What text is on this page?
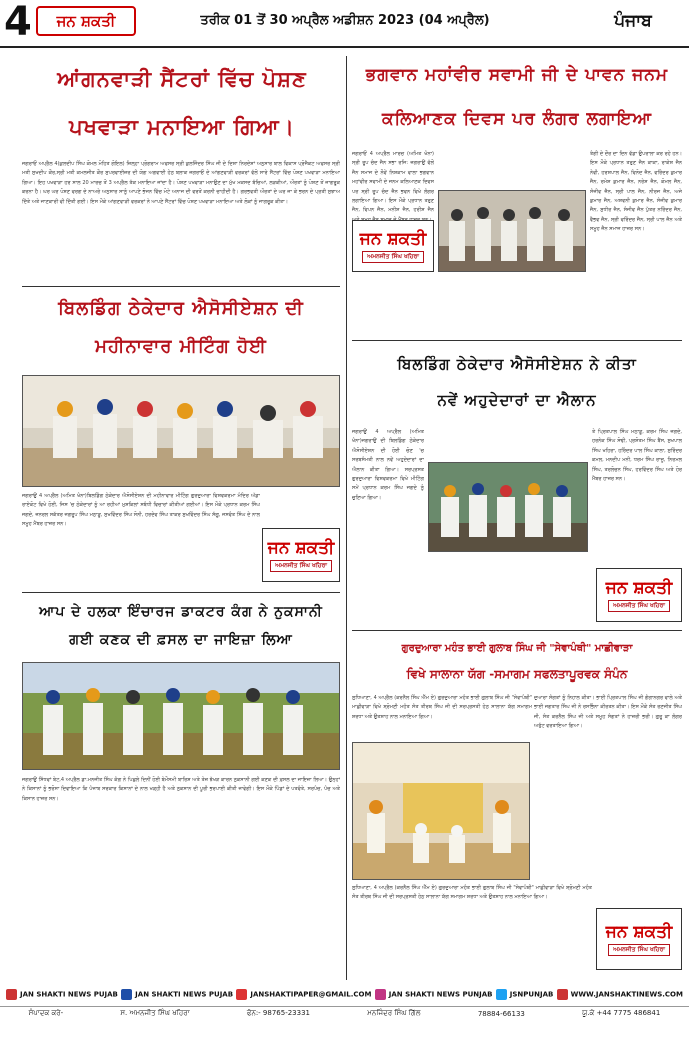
4 ਜਨ ਸ਼ਕਤੀ	ਤਰੀਕ 01 ਤੋਂ 30 ਅਪ੍ਰੈਲ ਅਡੀਸ਼ਨ 2023 (04 ਅਪ੍ਰੈਲ)	ਪੰਜਾਬ
ਆਂਗਨਵਾੜੀ ਸੈਂਟਰਾਂ ਵਿੱਚ ਪੋਸ਼ਣ
ਪਖਵਾੜਾ ਮਨਾਇਆ ਗਿਆ।
ਜਗਰਾਓਂ ਅਪ੍ਰੈਲ 4(ਕੁਲਦੀਪ ਸਿੰਘ ਕੋਮਲ ਮੋਹਿਤ ਗੋਇਲ) ਜ਼ਿਲ੍ਹਾ ਪ੍ਰੋਗਰਾਮ ਅਫਸਰ ਸ੍ਰੀ ਕੁਲਜਿੰਦਰ ਸਿੰਘ ਜੀ ਦੇ ਦਿਸ਼ਾ ਨਿਰਦੇਸ਼ਾਂ ਅਨੁਸਾਰ ਬਾਲ ਵਿਕਾਸ ਪ੍ਰੋਜੈਕਟ ਅਫਸਰ ਸ੍ਰੀ ਮਤੀ ਸੁਖਦੀਪ ਕੌਰ,ਸ੍ਰੀ ਮਤੀ ਕਮਲਜੀਤ ਕੌਰ ਸੁਪਰਵਾਈਜ਼ਰ ਦੀ ਯੋਗ ਅਗਵਾਈ ਹੇਠ ਬਲਾਕ ਜਗਰਾਓਂ ਦੇ ਆਂਗਣਵਾੜੀ ਵਰਕਰਾਂ ਵੱਲੋਂ ਸਾਰੇ ਸੈਂਟਰਾਂ ਵਿੱਚ ਪੋਸ਼ਣ ਪਖਵਾੜਾ ਮਨਾਇਆ ਗਿਆ। ਇਹ ਪਖਵਾੜਾ ਹਰ ਸਾਲ 20 ਮਾਰਚ ਤੋਂ 3 ਅਪ੍ਰੈਲ ਤੱਕ ਮਨਾਇਆ ਜਾਂਦਾ ਹੈ। ਪੋਸ਼ਣ ਪਖਵਾੜਾ ਮਨਾਉਣ ਦਾ ਮੁੱਖ ਮਕਸਦ ਬੱਚਿਆਂ, ਲੜਕੀਆਂ, ਔਰਤਾਂ ਨੂੰ ਪੋਸ਼ਣ ਤੋਂ ਜਾਗਰੂਕ ਕਰਨਾ ਹੈ। ਘਰ ਘਰ ਪੋਸ਼ਣ ਵਰਗ ਦੇ ਨਾਅਰੇ ਅਨੁਸਾਰ ਸਾਨੂੰ ਆਪਣੇ ਭੋਜਨ ਵਿੱਚ ਮੋਟੇ ਅਨਾਜ ਦੀ ਵਰਤੋਂ ਕਰਨੀ ਚਾਹੀਦੀ ਹੈ। ਗਰਭਵਤੀ ਔਰਤਾਂ ਦੇ ਘਰ ਜਾ ਕੇ ਭਰਨ ਦੇ ਪ੍ਰਤੀ ਸੁਝਾਅ ਦਿੱਤੇ ਅਤੇ ਜਾਣਕਾਰੀ ਵੀ ਦਿੱਤੀ ਗਈ। ਇਸ ਮੌਕੇ ਆਂਗਣਵਾੜੀ ਵਰਕਰਾਂ ਨੇ ਆਪਣੇ ਸੈਂਟਰਾਂ ਵਿੱਚ ਪੋਸ਼ਣ ਪਖਵਾੜਾ ਮਨਾਇਆ ਅਤੇ ਲੋਕਾਂ ਨੂੰ ਜਾਗਰੂਕ ਕੀਤਾ।
ਬਿਲਡਿੰਗ ਠੇਕੇਦਾਰ ਐਸੋਸੀਏਸ਼ਨ ਦੀ
ਮਹੀਨਾਵਾਰ ਮੀਟਿੰਗ ਹੋਈ
ਜਗਰਾਉਂ 4 ਅਪ੍ਰੈਲ (ਅਮਿਤ ਖੰਨਾ)ਬਿਲਡਿੰਗ ਠੇਕੇਦਾਰ ਐਸੋਸੀਏਸ਼ਨ ਦੀ ਮਹੀਨਾਵਾਰ ਮੀਟਿੰਗ ਗੁਰਦੁਆਰਾ ਵਿਸ਼ਵਕਰਮਾ ਮੰਦਿਰ ਅੱਡਾ ਰਾਏਕੋਟ ਵਿਖੇ ਹੋਈ, ਜਿਸ 'ਚ ਠੇਕੇਦਾਰਾਂ ਨੂੰ ਆ ਰਹੀਆਂ ਮੁਸ਼ਕਿਲਾਂ ਸਬੰਧੀ ਵਿਚਾਰਾਂ ਕੀਤੀਆਂ ਗਈਆਂ। ਇਸ ਮੌਕੇ ਪ੍ਰਧਾਨ ਕਰਮ ਸਿੰਘ ਜਗਦੇ, ਜਨਰਲ ਸਕੱਤਰ ਜਗਰੂਪ ਸਿੰਘ ਮਠਾੜੂ, ਸੁਖਵਿੰਦਰ ਸਿੰਘ ਸੋਨੀ, ਹਰਦੇਵ ਸਿੰਘ ਤਾਕਰ ਸੁਖਵਿੰਦਰ ਸਿੰਘ ਸੱਗੂ, ਜਸਵੰਤ ਸਿੰਘ ਦੇ ਨਾਲ ਸਮੂਹ ਮੈਂਬਰ ਹਾਜ਼ਰ ਸਨ।
ਜਨ ਸ਼ਕਤੀ
ਅਮਨਜੀਤ ਸਿੰਘ ਖਹਿਰਾ
ਆਪ ਦੇ ਹਲਕਾ ਇੰਚਾਰਜ ਡਾਕਟਰ ਕੰਗ ਨੇ ਨੁਕਸਾਨੀ
ਗਈ ਕਣਕ ਦੀ ਫ਼ਸਲ ਦਾ ਜਾਇਜ਼ਾ ਲਿਆ
ਜਗਰਾਉਂ ਸਿੱਧਵਾਂ ਬੇਟ,4 ਅਪ੍ਰੈਲ ਡਾ.ਮਨਜੀਤ ਸਿੰਘ ਕੰਗ ਨੇ ਪਿਛਲੇ ਦਿਨੀਂ ਹੋਈ ਬੇਮੌਸਮੀ ਬਾਰਿਸ਼ ਅਤੇ ਤੇਜ਼ ਝੱਖੜ ਕਾਰਨ ਨੁਕਸਾਨੀ ਗਈ ਕਣਕ ਦੀ ਫ਼ਸਲ ਦਾ ਜਾਇਜ਼ਾ ਲਿਆ। ਉਨ੍ਹਾਂ ਨੇ ਕਿਸਾਨਾਂ ਨੂੰ ਭਰੋਸਾ ਦਿਵਾਇਆ ਕਿ ਪੰਜਾਬ ਸਰਕਾਰ ਕਿਸਾਨਾਂ ਦੇ ਨਾਲ ਖੜ੍ਹੀ ਹੈ ਅਤੇ ਨੁਕਸਾਨ ਦੀ ਪੂਰੀ ਭਰਪਾਈ ਕੀਤੀ ਜਾਵੇਗੀ। ਇਸ ਮੌਕੇ ਪਿੰਡਾਂ ਦੇ ਪਤਵੰਤੇ, ਸਰਪੰਚ, ਪੰਚ ਅਤੇ ਕਿਸਾਨ ਹਾਜ਼ਰ ਸਨ।
ਭਗਵਾਨ ਮਹਾਂਵੀਰ ਸਵਾਮੀ ਜੀ ਦੇ ਪਾਵਨ ਜਨਮ
ਕਲਿਆਣਕ ਦਿਵਸ ਪਰ ਲੰਗਰ ਲਗਾਇਆ
ਜਗਰਾਓਂ 4 ਅਪ੍ਰੈਲ ਮਾਰਚ (ਅਮਿਤ ਖੰਨਾ) ਸ੍ਰੀ ਰੂਪ ਚੰਦ ਜੈਨ ਸਭਾ ਰਜਿ: ਜਗਰਾਉਂ ਵੱਲੋਂ ਜੈਨ ਸਮਾਜ ਦੇ ਨੌਵੇਂ ਨਿਸ਼ਕਾਮ ਵਾਲਾ ਭਗਵਾਨ ਮਹਾਂਵੀਰ ਸਵਾਮੀ ਦੇ ਜਨਮ ਕਲਿਆਣਕ ਦਿਵਸ ਪਰ ਸ੍ਰੀ ਰੂਪ ਚੰਦ ਜੈਨ ਭਵਨ ਵਿਖੇ ਲੰਗਰ ਲਗਾਇਆ ਗਿਆ। ਇਸ ਮੌਕੇ ਪ੍ਰਧਾਨ ਤਰੁਣ ਜੈਨ, ਵਿਪਨ ਜੈਨ, ਮਨੀਸ਼ ਜੈਨ, ਹਰੀਸ਼ ਜੈਨ
ਜਨ ਸ਼ਕਤੀ
ਅਮਨਜੀਤ ਸਿੰਘ ਖਹਿਰਾ
ਤੰਗੀ ਦੇ ਦੌਰ ਦਾ ਦਿਨ ਵੱਡਾ ਉਪਰਾਲਾ ਕਰ ਰਹੇ ਹਨ। ਇਸ ਮੌਕੇ ਪ੍ਰਧਾਨ ਤਰੁਣ ਜੈਨ ਕਾਕਾ, ਰਾਕੇਸ਼ ਜੈਨ ਨੇਵੀ, ਹਰਸ਼ਪਾਲ ਜੈਨ, ਵਿਨੋਦ ਜੈਨ, ਵਰਿੰਦਰ ਕੁਮਾਰ ਜੈਨ, ਰਮੇਸ਼ ਕੁਮਾਰ ਜੈਨ, ਨਰੇਸ਼ ਜੈਨ, ਕੋਮਲ ਜੈਨ, ਸੰਜੀਵ ਜੈਨ, ਸ੍ਰੀ ਪਾਲ ਜੈਨ, ਨੀਰਜ ਜੈਨ, ਅਜੇ ਕੁਮਾਰ ਜੈਨ, ਅਸ਼ਵਨੀ ਕੁਮਾਰ ਜੈਨ, ਸੰਜੀਵ ਕੁਮਾਰ ਜੈਨ, ਸੁਧੀਰ ਜੈਨ, ਸੰਜੀਵ ਜੈਨ ਪੁੱਤਰ ਨਰਿੰਦਰ ਜੈਨ, ਵੈਭਵ ਜੈਨ, ਸ੍ਰੀ ਵਰਿੰਦਰ ਜੈਨ, ਸ੍ਰੀ ਪਾਲ ਜੈਨ ਅਤੇ ਸਮੂਹ ਜੈਨ ਸਮਾਜ ਹਾਜ਼ਰ ਸਨ।
ਬਿਲਡਿੰਗ ਠੇਕੇਦਾਰ ਐਸੋਸੀਏਸ਼ਨ ਨੇ ਕੀਤਾ
ਨਵੇਂ ਅਹੁਦੇਦਾਰਾਂ ਦਾ ਐਲਾਨ
ਜਗਰਾਉਂ 4 ਅਪ੍ਰੈਲ (ਅਮਿਤ ਖੰਨਾ)ਜਗਰਾਉਂ ਦੀ ਬਿਲਡਿੰਗ ਠੇਕੇਦਾਰ ਐਸੋਸੀਏਸ਼ਨ ਦੀ ਹੋਈ ਚੋਣ 'ਚ ਸਰਬਸੰਮਤੀ ਨਾਲ ਨਵੇਂ ਅਹੁਦੇਦਾਰਾਂ ਦਾ ਐਲਾਨ ਕੀਤਾ ਗਿਆ। ਸਰਪ੍ਰਸਤ ਗੁਰਦੁਆਰਾ ਵਿਸ਼ਵਕਰਮਾ ਵਿਖੇ ਮੀਟਿੰਗ ਸਮੇਂ ਪ੍ਰਧਾਨ ਕਰਮ ਸਿੰਘ ਜਗਦੇ ਨੂੰ ਚੁਣਿਆ ਗਿਆ।
ਤੇ ਪ੍ਰਿਤਪਾਲ ਸਿੰਘ ਮਠਾੜੂ, ਕਰਮ ਸਿੰਘ ਜਗਦੇ, ਹਰਨੇਕ ਸਿੰਘ ਸੋਢੀ, ਪ੍ਰਸ਼ੋਤਮ ਸਿੰਘ ਬੈਂਸ, ਸੁਖਪਾਲ ਸਿੰਘ ਖਹਿਰਾ, ਹਰਿੰਦਰ ਪਾਲ ਸਿੰਘ ਕਾਲਾ, ਸੁਰਿੰਦਰ ਕਮਲ, ਮਨਦੀਪ ਮਨੀ, ਧਰਮ ਸਿੰਘ ਰਾਜੂ, ਨਿਰਮਲ ਸਿੰਘ, ਤਰਲੋਚਨ ਸਿੰਘ, ਹਰਵਿੰਦਰ ਸਿੰਘ ਅਤੇ ਹੋਰ ਮੈਂਬਰ ਹਾਜ਼ਰ ਸਨ।
ਜਨ ਸ਼ਕਤੀ
ਅਮਨਜੀਤ ਸਿੰਘ ਖਹਿਰਾ
ਗੁਰਦੁਆਰਾ ਮਹੰਤ ਭਾਈ ਗੁਲਾਬ ਸਿੰਘ ਜੀ "ਸੇਵਾਪੰਥੀ" ਮਾਛੀਵਾੜਾ
ਵਿਖੇ ਸਾਲਾਨਾ ਯੱਗ -ਸਮਾਗਮ ਸਫਲਤਾਪੂਰਵਕ ਸੰਪੰਨ
ਲੁਧਿਆਣਾ, 4 ਅਪ੍ਰੈਲ (ਕਰਨੈਲ ਸਿੰਘ ਐੱਮ ਏ) ਗੁਰਦੁਆਰਾ ਮਹੰਤ ਭਾਈ ਗੁਲਾਬ ਸਿੰਘ ਜੀ "ਸੇਵਾਪੰਥੀ" ਮਾਛੀਵਾੜਾ ਵਿਖੇ ਸ਼੍ਰੋਮਣੀ ਮਹੰਤ ਸੰਤ ਤੀਰਥ ਸਿੰਘ ਜੀ ਦੀ ਸਰਪ੍ਰਸਤੀ ਹੇਠ ਸਾਲਾਨਾ ਯੱਗ ਸਮਾਗਮ ਸ਼ਰਧਾ ਅਤੇ ਉਤਸ਼ਾਹ ਨਾਲ ਮਨਾਇਆ ਗਿਆ।
ਦੁਆਰਾ ਸੰਗਤਾਂ ਨੂੰ ਨਿਹਾਲ ਕੀਤਾ। ਭਾਈ ਪ੍ਰਿਤਪਾਲ ਸਿੰਘ ਜੀ ਗੰਗਾਨਗਰ ਵਾਲੇ ਅਤੇ ਭਾਈ ਜਗਤਾਰ ਸਿੰਘ ਜੀ ਨੇ ਰਸਭਿੰਨਾ ਕੀਰਤਨ ਕੀਤਾ। ਇਸ ਮੌਕੇ ਸੰਤ ਰਣਜੀਤ ਸਿੰਘ ਜੀ, ਸੰਤ ਕਰਨੈਲ ਸਿੰਘ ਜੀ ਅਤੇ ਸਮੂਹ ਸੰਗਤਾਂ ਨੇ ਹਾਜ਼ਰੀ ਭਰੀ। ਗੁਰੂ ਕਾ ਲੰਗਰ ਅਤੁੱਟ ਵਰਤਾਇਆ ਗਿਆ।
ਲੁਧਿਆਣਾ, 4 ਅਪ੍ਰੈਲ (ਕਰਨੈਲ ਸਿੰਘ ਐੱਮ ਏ) ਗੁਰਦੁਆਰਾ ਮਹੰਤ ਭਾਈ ਗੁਲਾਬ ਸਿੰਘ ਜੀ "ਸੇਵਾਪੰਥੀ" ਮਾਛੀਵਾੜਾ ਵਿਖੇ ਸ਼੍ਰੋਮਣੀ ਮਹੰਤ ਸੰਤ ਤੀਰਥ ਸਿੰਘ ਜੀ ਦੀ ਸਰਪ੍ਰਸਤੀ ਹੇਠ ਸਾਲਾਨਾ ਯੱਗ ਸਮਾਗਮ ਸ਼ਰਧਾ ਅਤੇ ਉਤਸ਼ਾਹ ਨਾਲ ਮਨਾਇਆ ਗਿਆ।
ਜਨ ਸ਼ਕਤੀ
ਅਮਨਜੀਤ ਸਿੰਘ ਖਹਿਰਾ
JAN SHAKTI NEWS PUJAB	JAN SHAKTI NEWS PUJAB	JANSHAKTIPAPER@GMAIL.COM	JAN SHAKTI NEWS PUNJAB	JSNPUNJAB	WWW.JANSHAKTINEWS.COM
ਸੰਪਾਦਕ ਕਰੇ-	ਸ. ਅਮਨਜੀਤ ਸਿੰਘ ਖਹਿਰਾ	ਫੋਨ:- 98765-23331	ਮਨਜਿੰਦਰ ਸਿੰਘ ਗਿੱਲ	78884-66133	ਯੂ.ਕੇ +44 7775 486841
